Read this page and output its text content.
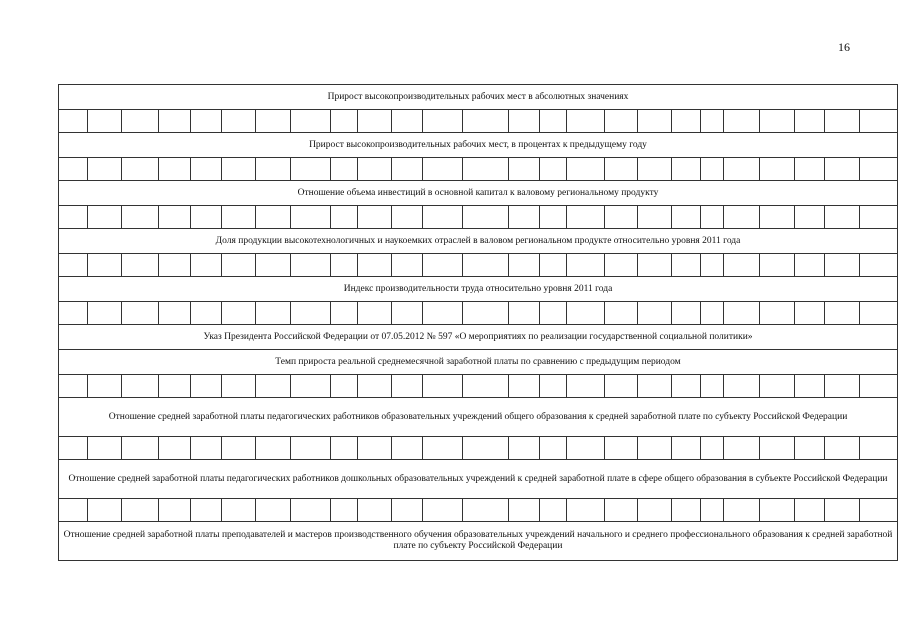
16
Прирост высокопроизводительных рабочих мест в абсолютных значениях																								

Прирост высокопроизводительных рабочих мест, в процентах к предыдущему году																								

Отношение объема инвестиций в основной капитал к валовому региональному продукту																								

Доля продукции высокотехнологичных и наукоемких отраслей в валовом региональном продукте относительно уровня 2011 года																								

Индекс производительности труда относительно уровня 2011 года																								

Указ Президента Российской Федерации от 07.05.2012 № 597 «О мероприятиях по реализации государственной социальной политики»																								
Темп прироста реальной среднемесячной заработной платы по сравнению с предыдущим периодом																								

Отношение средней заработной платы педагогических работников образовательных учреждений общего образования к средней заработной плате по субъекту Российской Федерации																								

Отношение средней заработной платы педагогических работников дошкольных образовательных учреждений к средней заработной плате в сфере общего образования в субъекте Российской Федерации																								

Отношение средней заработной платы преподавателей и мастеров производственного обучения образовательных учреждений начального и среднего профессионального образования к средней заработной плате по субъекту Российской Федерации																								
